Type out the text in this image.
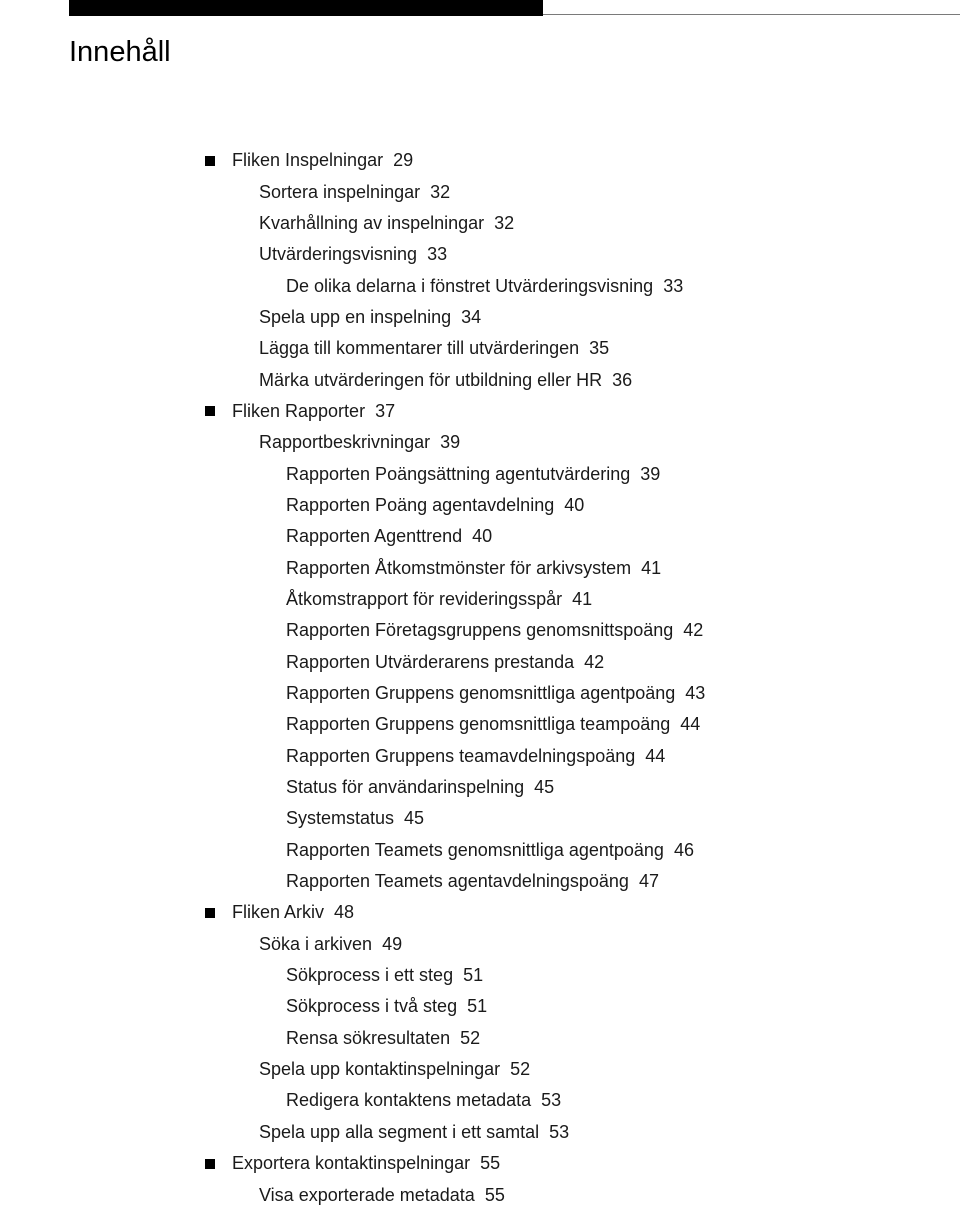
Innehåll
Fliken Inspelningar 29
Sortera inspelningar 32
Kvarhållning av inspelningar 32
Utvärderingsvisning 33
De olika delarna i fönstret Utvärderingsvisning 33
Spela upp en inspelning 34
Lägga till kommentarer till utvärderingen 35
Märka utvärderingen för utbildning eller HR 36
Fliken Rapporter 37
Rapportbeskrivningar 39
Rapporten Poängsättning agentutvärdering 39
Rapporten Poäng agentavdelning 40
Rapporten Agenttrend 40
Rapporten Åtkomstmönster för arkivsystem 41
Åtkomstrapport för revideringsspår 41
Rapporten Företagsgruppens genomsnittspoäng 42
Rapporten Utvärderarens prestanda 42
Rapporten Gruppens genomsnittliga agentpoäng 43
Rapporten Gruppens genomsnittliga teampoäng 44
Rapporten Gruppens teamavdelningspoäng 44
Status för användarinspelning 45
Systemstatus 45
Rapporten Teamets genomsnittliga agentpoäng 46
Rapporten Teamets agentavdelningspoäng 47
Fliken Arkiv 48
Söka i arkiven 49
Sökprocess i ett steg 51
Sökprocess i två steg 51
Rensa sökresultaten 52
Spela upp kontaktinspelningar 52
Redigera kontaktens metadata 53
Spela upp alla segment i ett samtal 53
Exportera kontaktinspelningar 55
Visa exporterade metadata 55
